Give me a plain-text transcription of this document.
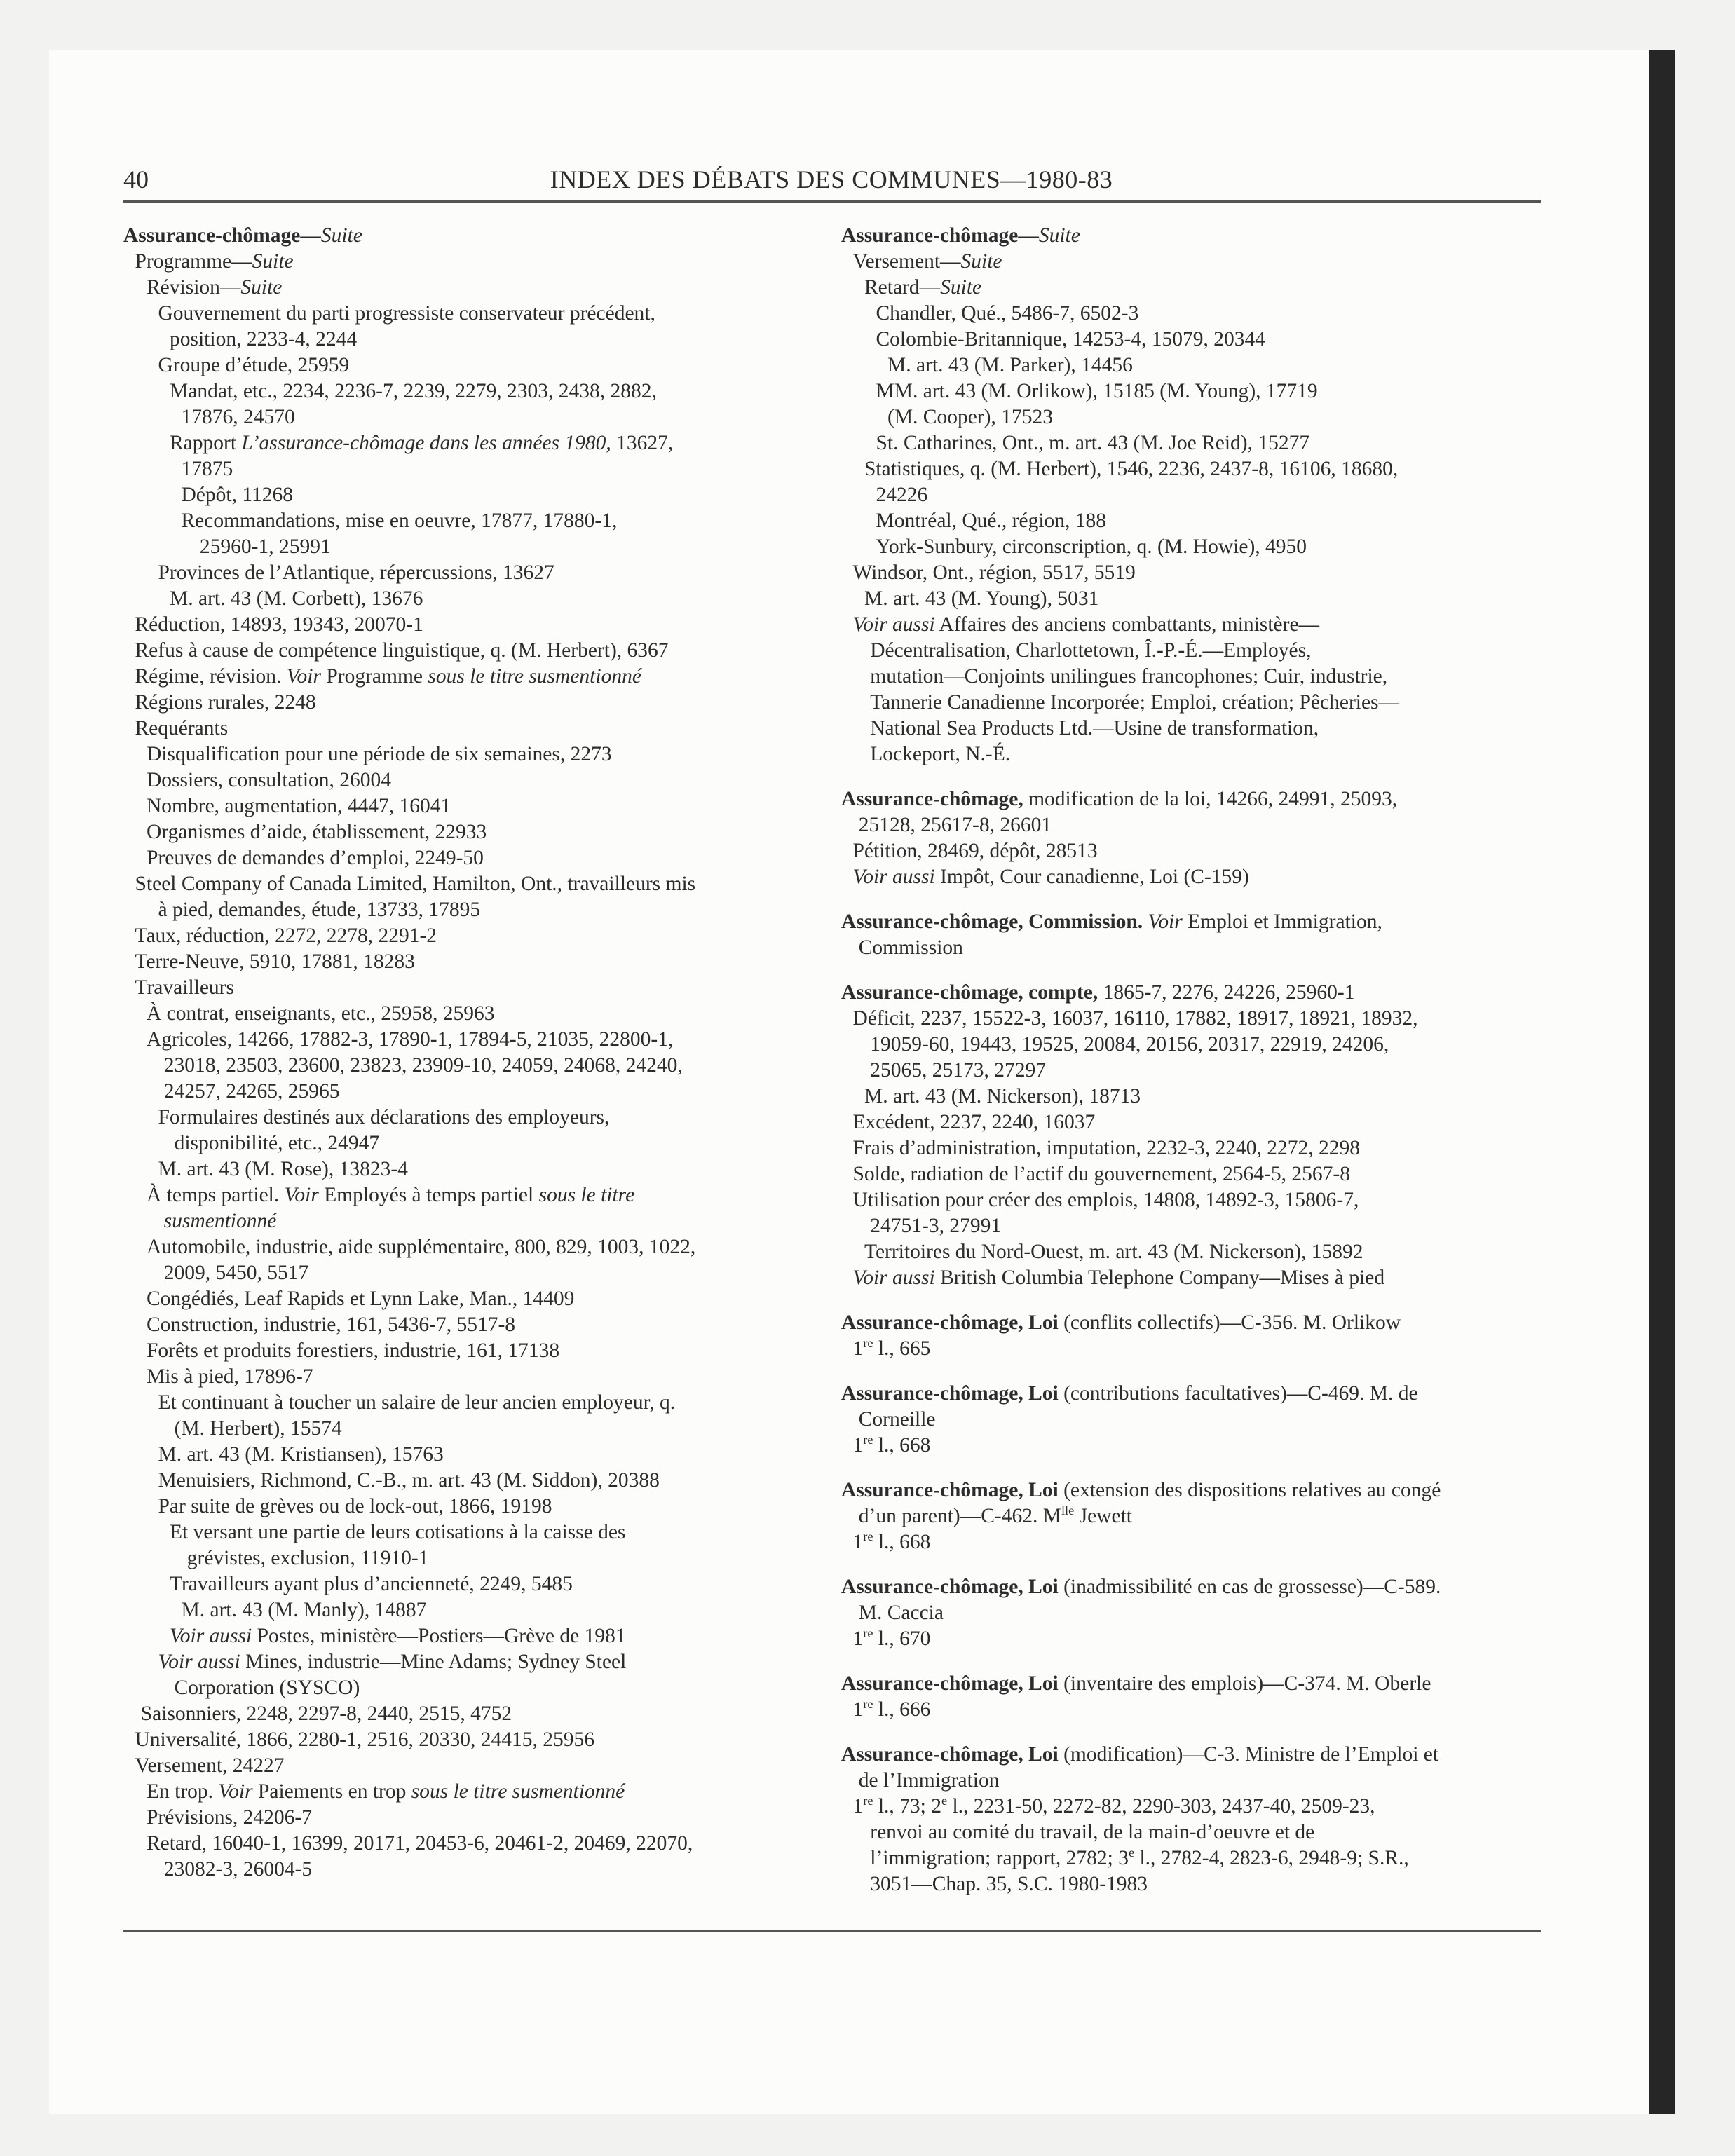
40	INDEX DES DÉBATS DES COMMUNES—1980-83
Assurance-chômage—Suite
Programme—Suite
Révision—Suite
Gouvernement du parti progressiste conservateur précédent,
position, 2233-4, 2244
Groupe d’étude, 25959
Mandat, etc., 2234, 2236-7, 2239, 2279, 2303, 2438, 2882,
17876, 24570
Rapport L’assurance-chômage dans les années 1980, 13627,
17875
Dépôt, 11268
Recommandations, mise en oeuvre, 17877, 17880-1,
25960-1, 25991
Provinces de l’Atlantique, répercussions, 13627
M. art. 43 (M. Corbett), 13676
Réduction, 14893, 19343, 20070-1
Refus à cause de compétence linguistique, q. (M. Herbert), 6367
Régime, révision. Voir Programme sous le titre susmentionné
Régions rurales, 2248
Requérants
Disqualification pour une période de six semaines, 2273
Dossiers, consultation, 26004
Nombre, augmentation, 4447, 16041
Organismes d’aide, établissement, 22933
Preuves de demandes d’emploi, 2249-50
Steel Company of Canada Limited, Hamilton, Ont., travailleurs mis
à pied, demandes, étude, 13733, 17895
Taux, réduction, 2272, 2278, 2291-2
Terre-Neuve, 5910, 17881, 18283
Travailleurs
À contrat, enseignants, etc., 25958, 25963
Agricoles, 14266, 17882-3, 17890-1, 17894-5, 21035, 22800-1,
23018, 23503, 23600, 23823, 23909-10, 24059, 24068, 24240,
24257, 24265, 25965
Formulaires destinés aux déclarations des employeurs,
disponibilité, etc., 24947
M. art. 43 (M. Rose), 13823-4
À temps partiel. Voir Employés à temps partiel sous le titre
susmentionné
Automobile, industrie, aide supplémentaire, 800, 829, 1003, 1022,
2009, 5450, 5517
Congédiés, Leaf Rapids et Lynn Lake, Man., 14409
Construction, industrie, 161, 5436-7, 5517-8
Forêts et produits forestiers, industrie, 161, 17138
Mis à pied, 17896-7
Et continuant à toucher un salaire de leur ancien employeur, q.
(M. Herbert), 15574
M. art. 43 (M. Kristiansen), 15763
Menuisiers, Richmond, C.-B., m. art. 43 (M. Siddon), 20388
Par suite de grèves ou de lock-out, 1866, 19198
Et versant une partie de leurs cotisations à la caisse des
grévistes, exclusion, 11910-1
Travailleurs ayant plus d’ancienneté, 2249, 5485
M. art. 43 (M. Manly), 14887
Voir aussi Postes, ministère—Postiers—Grève de 1981
Voir aussi Mines, industrie—Mine Adams; Sydney Steel
Corporation (SYSCO)
Saisonniers, 2248, 2297-8, 2440, 2515, 4752
Universalité, 1866, 2280-1, 2516, 20330, 24415, 25956
Versement, 24227
En trop. Voir Paiements en trop sous le titre susmentionné
Prévisions, 24206-7
Retard, 16040-1, 16399, 20171, 20453-6, 20461-2, 20469, 22070,
23082-3, 26004-5
Assurance-chômage—Suite
Versement—Suite
Retard—Suite
Chandler, Qué., 5486-7, 6502-3
Colombie-Britannique, 14253-4, 15079, 20344
M. art. 43 (M. Parker), 14456
MM. art. 43 (M. Orlikow), 15185 (M. Young), 17719
(M. Cooper), 17523
St. Catharines, Ont., m. art. 43 (M. Joe Reid), 15277
Statistiques, q. (M. Herbert), 1546, 2236, 2437-8, 16106, 18680,
24226
Montréal, Qué., région, 188
York-Sunbury, circonscription, q. (M. Howie), 4950
Windsor, Ont., région, 5517, 5519
M. art. 43 (M. Young), 5031
Voir aussi Affaires des anciens combattants, ministère—
Décentralisation, Charlottetown, Î.-P.-É.—Employés,
mutation—Conjoints unilingues francophones; Cuir, industrie,
Tannerie Canadienne Incorporée; Emploi, création; Pêcheries—
National Sea Products Ltd.—Usine de transformation,
Lockeport, N.-É.
Assurance-chômage, modification de la loi, 14266, 24991, 25093,
25128, 25617-8, 26601
Pétition, 28469, dépôt, 28513
Voir aussi Impôt, Cour canadienne, Loi (C-159)
Assurance-chômage, Commission. Voir Emploi et Immigration,
Commission
Assurance-chômage, compte, 1865-7, 2276, 24226, 25960-1
Déficit, 2237, 15522-3, 16037, 16110, 17882, 18917, 18921, 18932,
19059-60, 19443, 19525, 20084, 20156, 20317, 22919, 24206,
25065, 25173, 27297
M. art. 43 (M. Nickerson), 18713
Excédent, 2237, 2240, 16037
Frais d’administration, imputation, 2232-3, 2240, 2272, 2298
Solde, radiation de l’actif du gouvernement, 2564-5, 2567-8
Utilisation pour créer des emplois, 14808, 14892-3, 15806-7,
24751-3, 27991
Territoires du Nord-Ouest, m. art. 43 (M. Nickerson), 15892
Voir aussi British Columbia Telephone Company—Mises à pied
Assurance-chômage, Loi (conflits collectifs)—C-356. M. Orlikow
1re l., 665
Assurance-chômage, Loi (contributions facultatives)—C-469. M. de
Corneille
1re l., 668
Assurance-chômage, Loi (extension des dispositions relatives au congé
d’un parent)—C-462. $M^{lle}$ Jewett
1re l., 668
Assurance-chômage, Loi (inadmissibilité en cas de grossesse)—C-589.
M. Caccia
1re l., 670
Assurance-chômage, Loi (inventaire des emplois)—C-374. M. Oberle
1re l., 666
Assurance-chômage, Loi (modification)—C-3. Ministre de l’Emploi et
de l’Immigration
1re l., 73; 2e l., 2231-50, 2272-82, 2290-303, 2437-40, 2509-23,
renvoi au comité du travail, de la main-d’oeuvre et de
l’immigration; rapport, 2782; 3e l., 2782-4, 2823-6, 2948-9; S.R.,
3051—Chap. 35, S.C. 1980-1983
